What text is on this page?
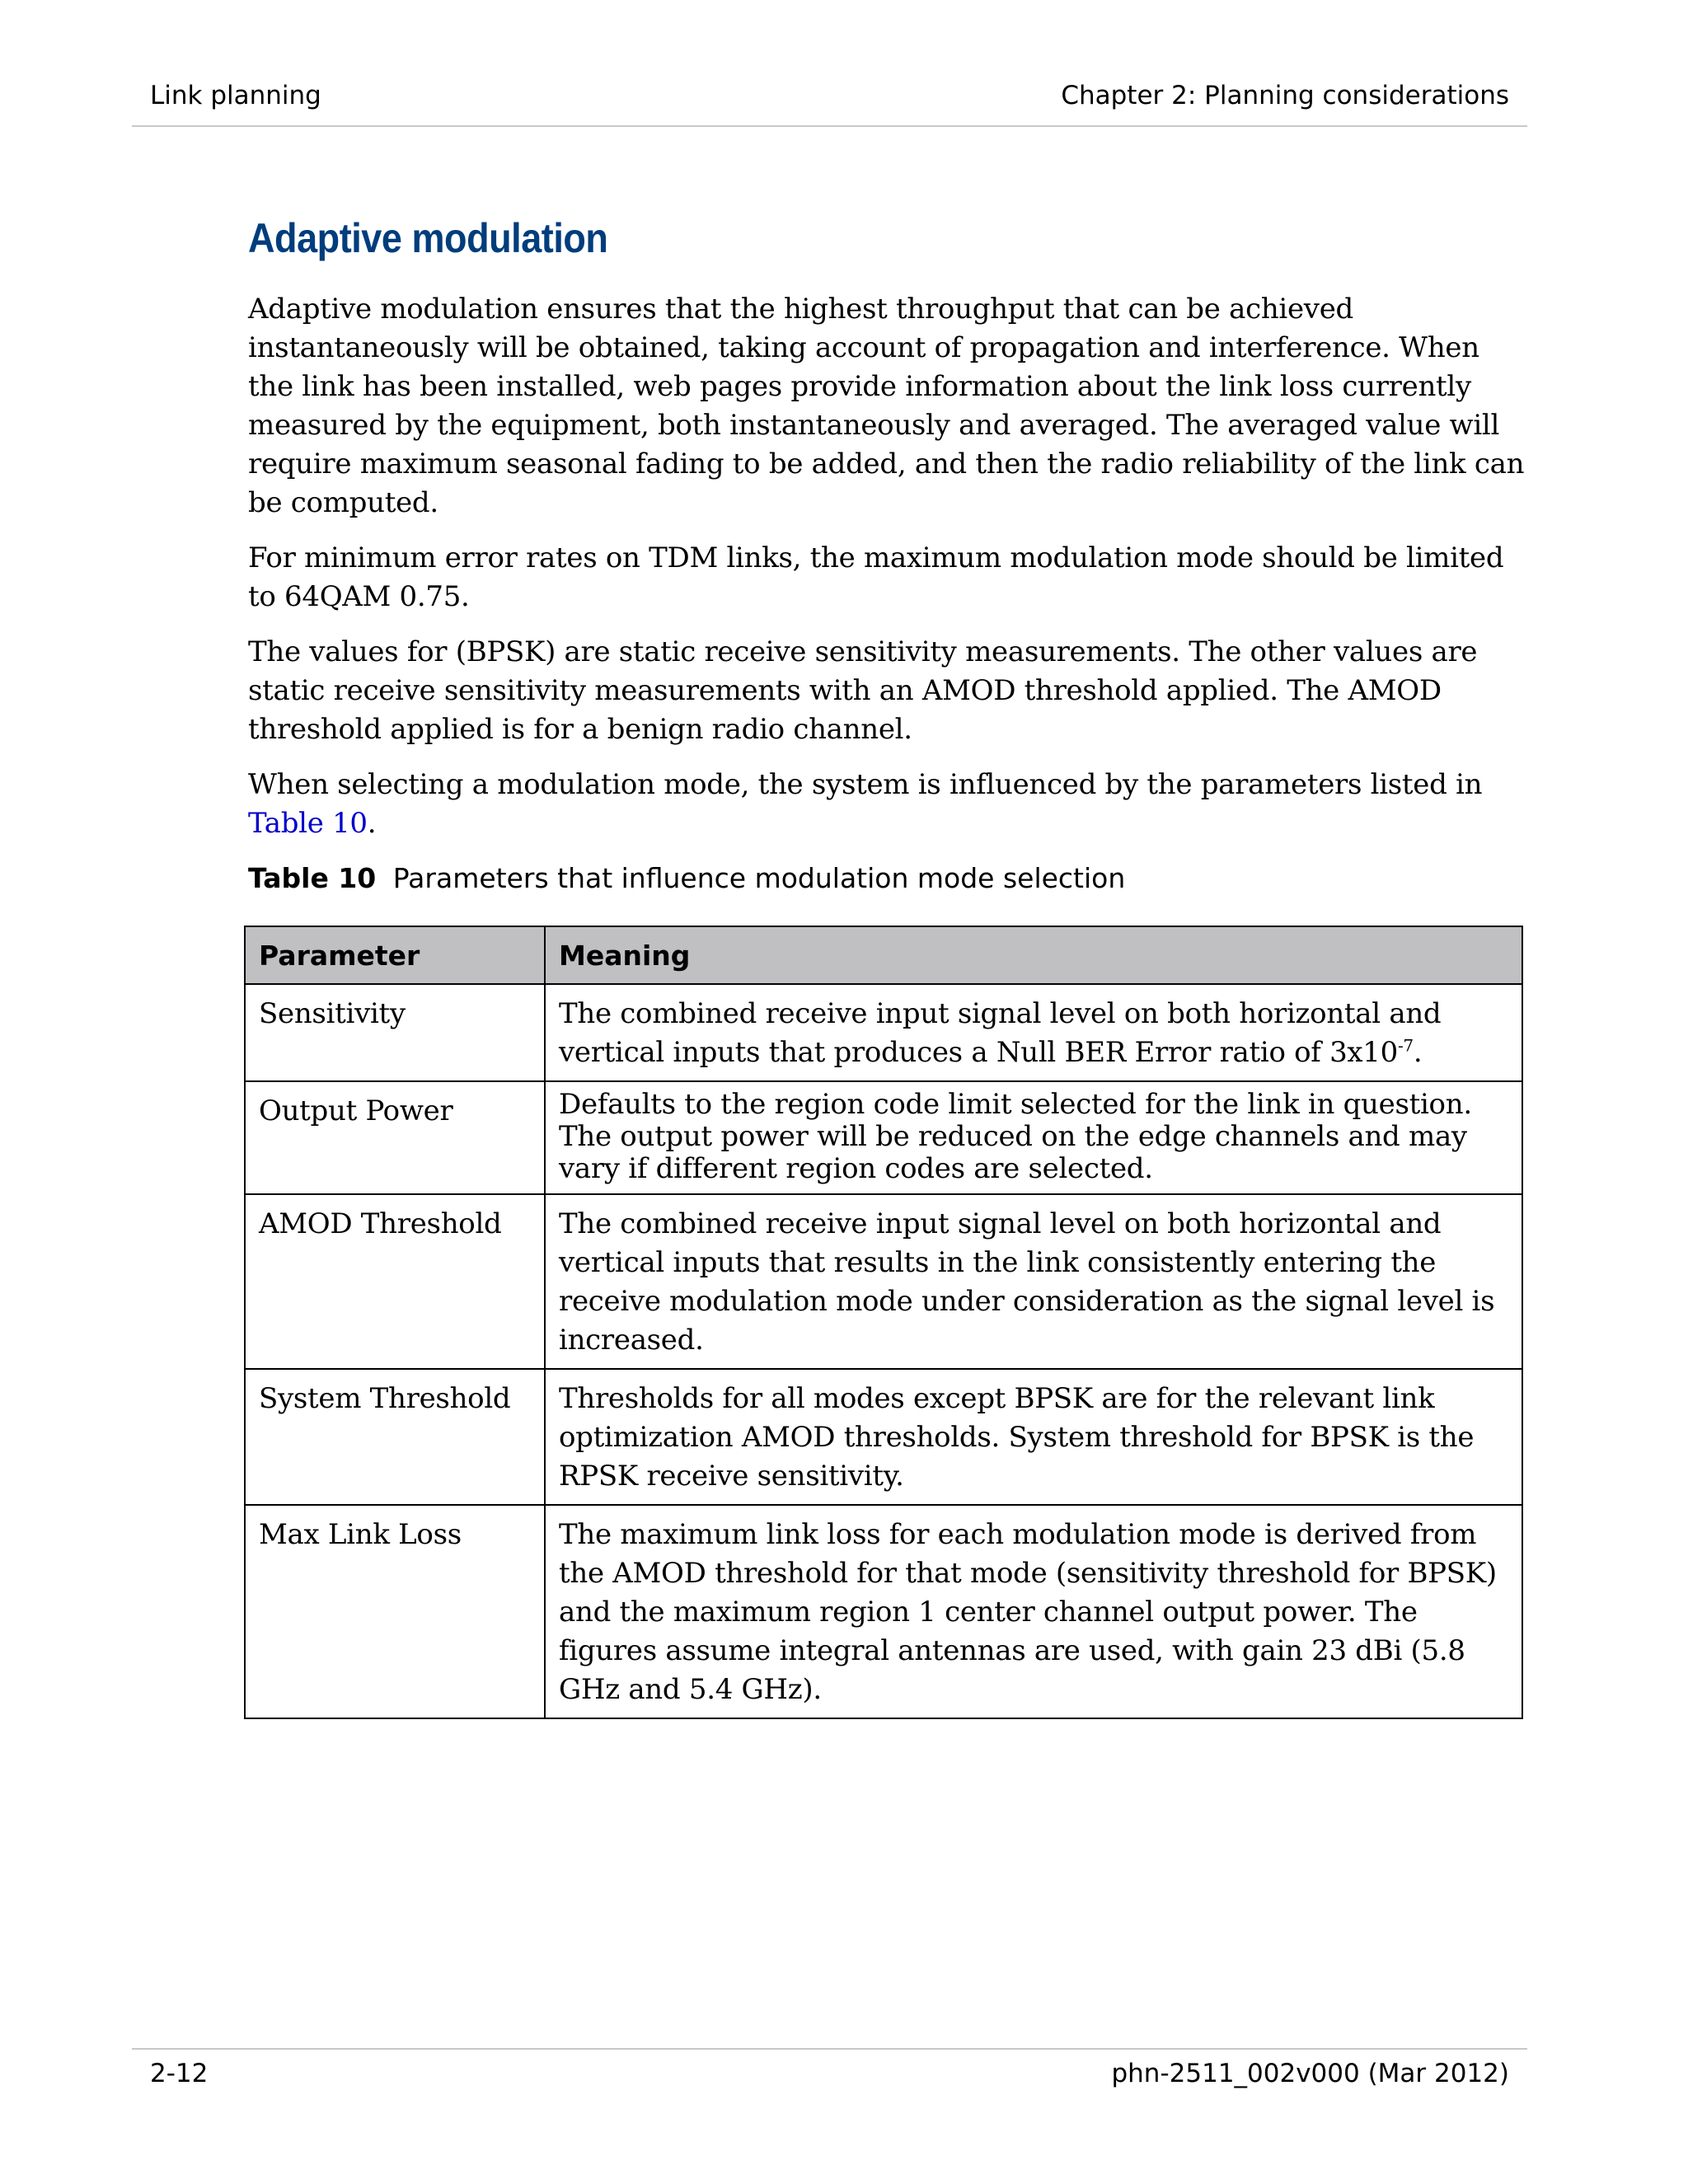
Link planning	Chapter 2: Planning considerations
Adaptive modulation

Adaptive modulation ensures that the highest throughput that can be achieved instantaneously will be obtained, taking account of propagation and interference. When the link has been installed, web pages provide information about the link loss currently measured by the equipment, both instantaneously and averaged. The averaged value will require maximum seasonal fading to be added, and then the radio reliability of the link can be computed.

For minimum error rates on TDM links, the maximum modulation mode should be limited to 64QAM 0.75.

The values for (BPSK) are static receive sensitivity measurements. The other values are static receive sensitivity measurements with an AMOD threshold applied. The AMOD threshold applied is for a benign radio channel.

When selecting a modulation mode, the system is influenced by the parameters listed in Table 10.

Table 10 Parameters that influence modulation mode selection
Parameter	Meaning
Sensitivity	The combined receive input signal level on both horizontal and vertical inputs that produces a Null BER Error ratio of $3x10^{-7}$.
Output Power	Defaults to the region code limit selected for the link in question. The output power will be reduced on the edge channels and may vary if different region codes are selected.
AMOD Threshold	The combined receive input signal level on both horizontal and vertical inputs that results in the link consistently entering the receive modulation mode under consideration as the signal level is increased.
System Threshold	Thresholds for all modes except BPSK are for the relevant link optimization AMOD thresholds. System threshold for BPSK is the RPSK receive sensitivity.
Max Link Loss	The maximum link loss for each modulation mode is derived from the AMOD threshold for that mode (sensitivity threshold for BPSK) and the maximum region 1 center channel output power. The figures assume integral antennas are used, with gain 23 dBi (5.8 GHz and 5.4 GHz).
2-12	phn-2511_002v000 (Mar 2012)
